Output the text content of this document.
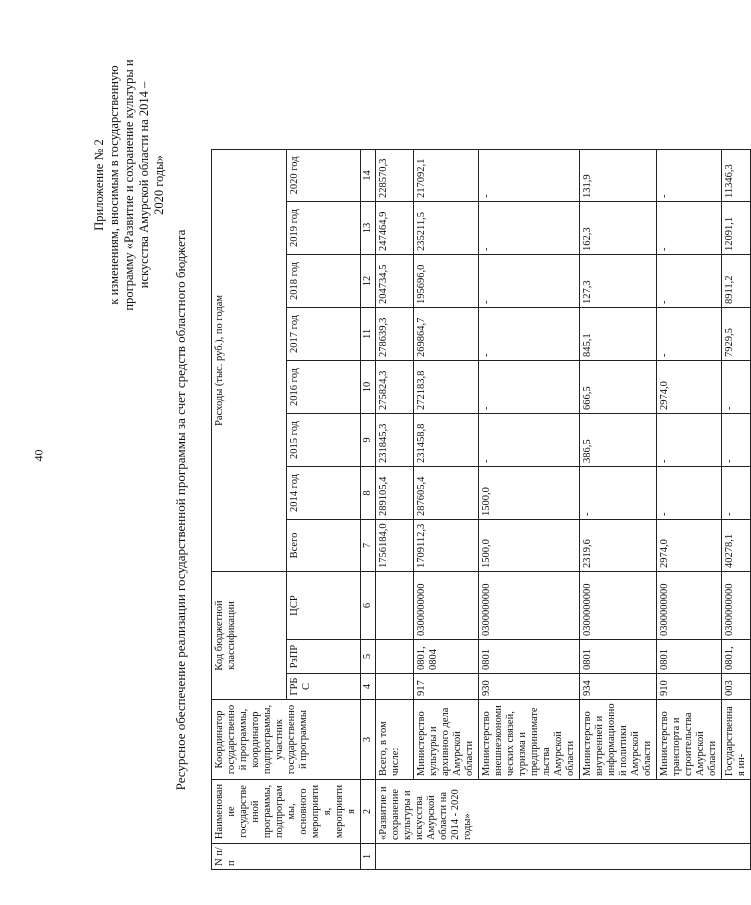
40
Приложение № 2 к изменениям, вносимым в государственную программу «Развитие и сохранение культуры и искусства Амурской области на 2014 – 2020 годы»
Ресурсное обеспечение реализации государственной программы за счет средств областного бюджета
N п/п	Наименование государственной программы, подпрограммы, основного мероприятия, мероприятия	Координатор государственной программы, координатор подпрограммы, участник государственной программы	Код бюджетной классификации			Расходы (тыс. руб.), по годам							
			ГРБС	РзПР	ЦСР	Всего	2014 год	2015 год	2016 год	2017 год	2018 год	2019 год	2020 год
1	2	3	4	5	6	7	8	9	10	11	12	13	14
	«Развитие и сохранение культуры и искусства Амурской области на 2014 - 2020 годы»	Всего, в том числе:				1756184,0	289105,4	231845,3	275824,3	278639,3	204734,5	247464,9	228570,3
		Министерство культуры и архивного дела Амурской области	917	0801, 0804	0300000000	1709112,3	287605,4	231458,8	272183,8	269864,7	195696,0	235211,5	217092,1
		Министерство внешнеэкономических связей, туризма и предпринимательства Амурской области	930	0801	0300000000	1500,0	1500,0	-	-	-	-	-	-
		Министерство внутренней и информационной политики Амурской области	934	0801	0300000000	2319,6	-	386,5	666,5	845,1	127,3	162,3	131,9
		Министерство транспорта и строительства Амурской области	910	0801	0300000000	2974,0	-	-	2974,0	-	-	-	-
		Государственная ин-	003	0801,	0300000000	40278,1	-	-	-	7929,5	8911,2	12091,1	11346,3
